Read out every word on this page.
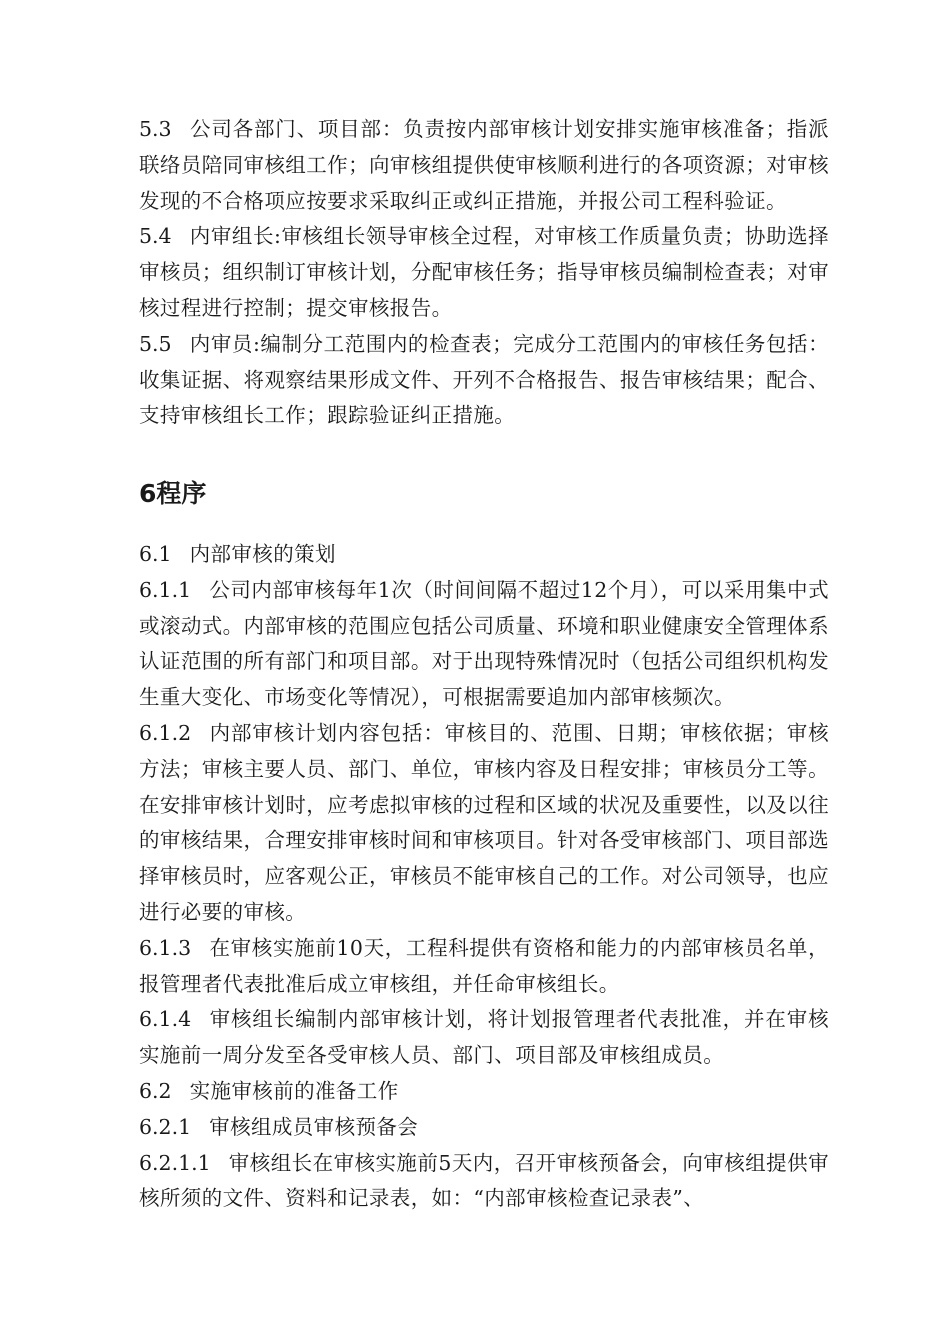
5.3 公司各部门、项目部：负责按内部审核计划安排实施审核准备；指派联络员陪同审核组工作；向审核组提供使审核顺利进行的各项资源；对审核发现的不合格项应按要求采取纠正或纠正措施，并报公司工程科验证。

5.4 内审组长:审核组长领导审核全过程，对审核工作质量负责；协助选择审核员；组织制订审核计划，分配审核任务；指导审核员编制检查表；对审核过程进行控制；提交审核报告。

5.5 内审员:编制分工范围内的检查表；完成分工范围内的审核任务包括：收集证据、将观察结果形成文件、开列不合格报告、报告审核结果；配合、支持审核组长工作；跟踪验证纠正措施。

6程序

6.1 内部审核的策划

6.1.1 公司内部审核每年1次（时间间隔不超过12个月），可以采用集中式或滚动式。内部审核的范围应包括公司质量、环境和职业健康安全管理体系认证范围的所有部门和项目部。对于出现特殊情况时（包括公司组织机构发生重大变化、市场变化等情况），可根据需要追加内部审核频次。

6.1.2 内部审核计划内容包括：审核目的、范围、日期；审核依据；审核方法；审核主要人员、部门、单位，审核内容及日程安排；审核员分工等。在安排审核计划时，应考虑拟审核的过程和区域的状况及重要性，以及以往的审核结果，合理安排审核时间和审核项目。针对各受审核部门、项目部选择审核员时，应客观公正，审核员不能审核自己的工作。对公司领导，也应进行必要的审核。

6.1.3 在审核实施前10天，工程科提供有资格和能力的内部审核员名单，报管理者代表批准后成立审核组，并任命审核组长。

6.1.4 审核组长编制内部审核计划，将计划报管理者代表批准，并在审核实施前一周分发至各受审核人员、部门、项目部及审核组成员。

6.2 实施审核前的准备工作

6.2.1 审核组成员审核预备会

6.2.1.1 审核组长在审核实施前5天内，召开审核预备会，向审核组提供审核所须的文件、资料和记录表，如：“内部审核检查记录表”、
